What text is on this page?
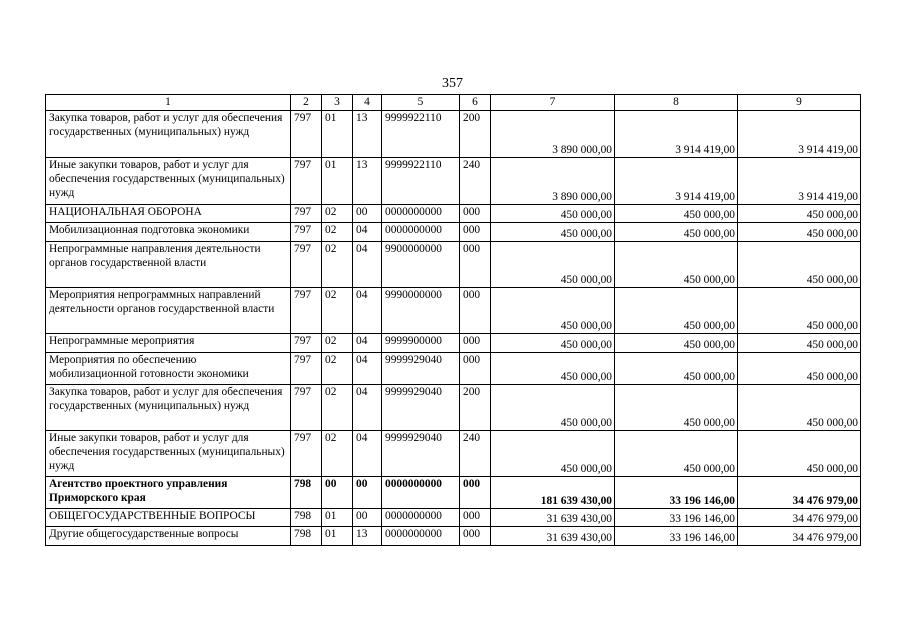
357
1	2	3	4	5	6	7	8	9
Закупка товаров, работ и услуг для обеспечения государственных (муниципальных) нужд	797	01	13	9999922110	200	3 890 000,00	3 914 419,00	3 914 419,00
Иные закупки товаров, работ и услуг для обеспечения государственных (муниципальных) нужд	797	01	13	9999922110	240	3 890 000,00	3 914 419,00	3 914 419,00
НАЦИОНАЛЬНАЯ ОБОРОНА	797	02	00	0000000000	000	450 000,00	450 000,00	450 000,00
Мобилизационная подготовка экономики	797	02	04	0000000000	000	450 000,00	450 000,00	450 000,00
Непрограммные направления деятельности органов государственной власти	797	02	04	9900000000	000	450 000,00	450 000,00	450 000,00
Мероприятия непрограммных направлений деятельности органов государственной власти	797	02	04	9990000000	000	450 000,00	450 000,00	450 000,00
Непрограммные мероприятия	797	02	04	9999900000	000	450 000,00	450 000,00	450 000,00
Мероприятия по обеспечению мобилизационной готовности экономики	797	02	04	9999929040	000	450 000,00	450 000,00	450 000,00
Закупка товаров, работ и услуг для обеспечения государственных (муниципальных) нужд	797	02	04	9999929040	200	450 000,00	450 000,00	450 000,00
Иные закупки товаров, работ и услуг для обеспечения государственных (муниципальных) нужд	797	02	04	9999929040	240	450 000,00	450 000,00	450 000,00
Агентство проектного управления Приморского края	798	00	00	0000000000	000	181 639 430,00	33 196 146,00	34 476 979,00
ОБЩЕГОСУДАРСТВЕННЫЕ ВОПРОСЫ	798	01	00	0000000000	000	31 639 430,00	33 196 146,00	34 476 979,00
Другие общегосударственные вопросы	798	01	13	0000000000	000	31 639 430,00	33 196 146,00	34 476 979,00
